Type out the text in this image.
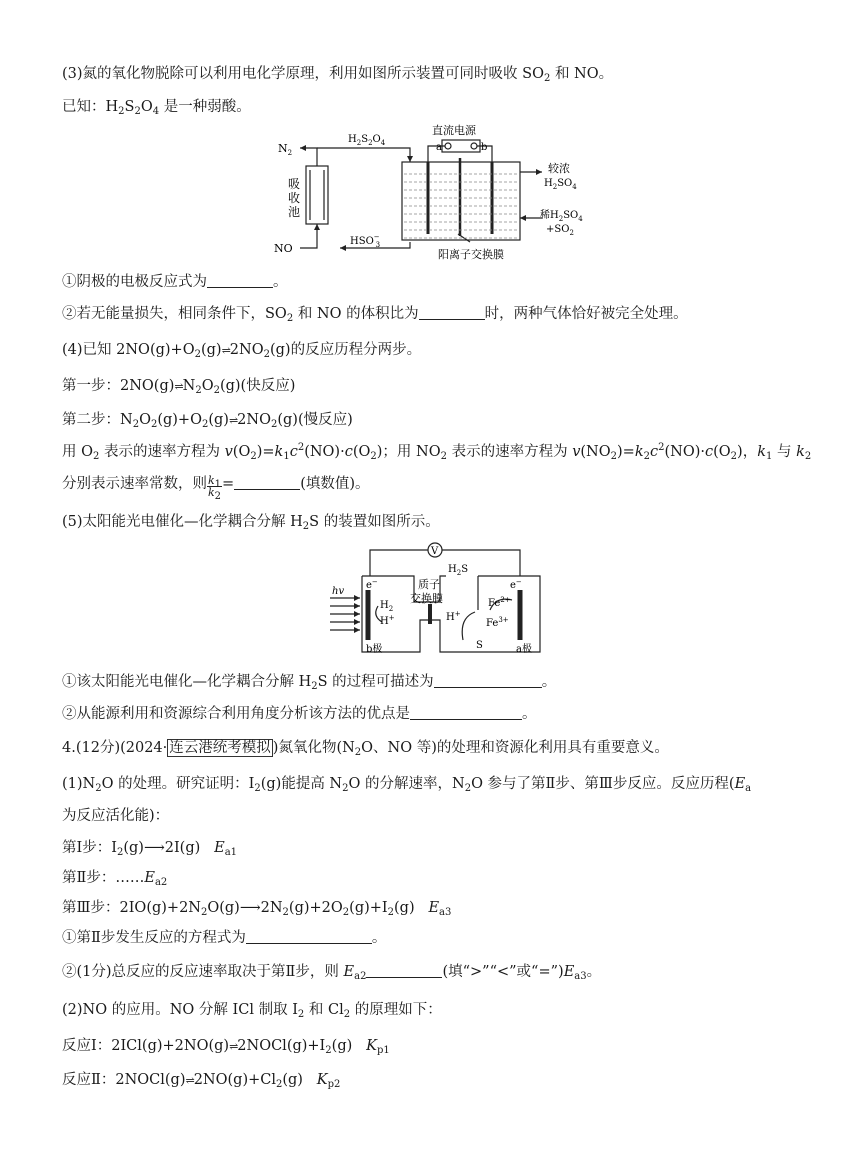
(3)氮的氧化物脱除可以利用电化学原理，利用如图所示装置可同时吸收 $SO_2$ 和 NO。
已知：$H_2S_2O_4$ 是一种弱酸。
$N_2$
吸
收
池
NO
$H_2S_2O_4$
HSO− 3
直流电源
a	b
较浓
$H_2SO_4$
稀$H_2SO_4$
$+SO_2$
阳离子交换膜
①阴极的电极反应式为	。
②若无能量损失，相同条件下，$SO_2$ 和 NO 的体积比为	时，两种气体恰好被完全处理。
(4)已知 $2NO(g)+O_2(g)\rightleftharpoons 2NO_2(g)$的反应历程分两步。
第一步：$2NO(g)\rightleftharpoons N_2O_2(g)$(快反应)
第二步：$N_2O_2(g)+O_2(g)\rightleftharpoons 2NO_2(g)$(慢反应)
用 $O_2$ 表示的速率方程为 $v(O_2)=k_1c^2(NO)\cdot c(O_2)$；用 $NO_2$ 表示的速率方程为 $v(NO_2)=k_2c^2(NO)\cdot c(O_2)$，$k_1$ 与 $k_2$
分别表示速率常数，则 $\frac{k_1}{k_2}$ =	(填数值)。
(5)太阳能光电催化—化学耦合分解 $H_2S$ 的装置如图所示。
V
$H_2S$
e−	e−
质子
交换膜
hv
$H_2$
H+	H+
$Fe^{2+}$
$Fe^{3+}$
S
b极	a极
①该太阳能光电催化—化学耦合分解 $H_2S$ 的过程可描述为	。
②从能源利用和资源综合利用角度分析该方法的优点是	。
4.(12分)(2024· 连云港统考模拟 )氮氧化物($N_2O$、NO 等)的处理和资源化利用具有重要意义。
$(1)N_2O$ 的处理。研究证明：$I_2(g)$能提高 $N_2O$ 的分解速率，$N_2O$ 参与了第Ⅱ步、第Ⅲ步反应。反应历程($E_a$
为反应活化能)：
第Ⅰ步：$I_2(g)⟶2I(g)$ $E_{a1}$
第Ⅱ步：$\dots\dots E_{a2}$
第Ⅲ步：$2IO(g)+2N_2O(g)⟶2N_2(g)+2O_2(g)+I_2(g)$ $E_{a3}$
①第Ⅱ步发生反应的方程式为	。
②(1分)总反应的反应速率取决于第Ⅱ步，则 $E_{a2}$	(填“>”“<”或“$=”)E_{a3}$。
(2)NO 的应用。NO 分解 ICl 制取 $I_2$ 和 $Cl_2$ 的原理如下：
反应Ⅰ：$2ICl(g)+2NO(g)\rightleftharpoons 2NOCl(g)+I_2(g)$ $K_{p1}$
反应Ⅱ：$2NOCl(g)\rightleftharpoons 2NO(g)+Cl_2(g)$ $K_{p2}$
